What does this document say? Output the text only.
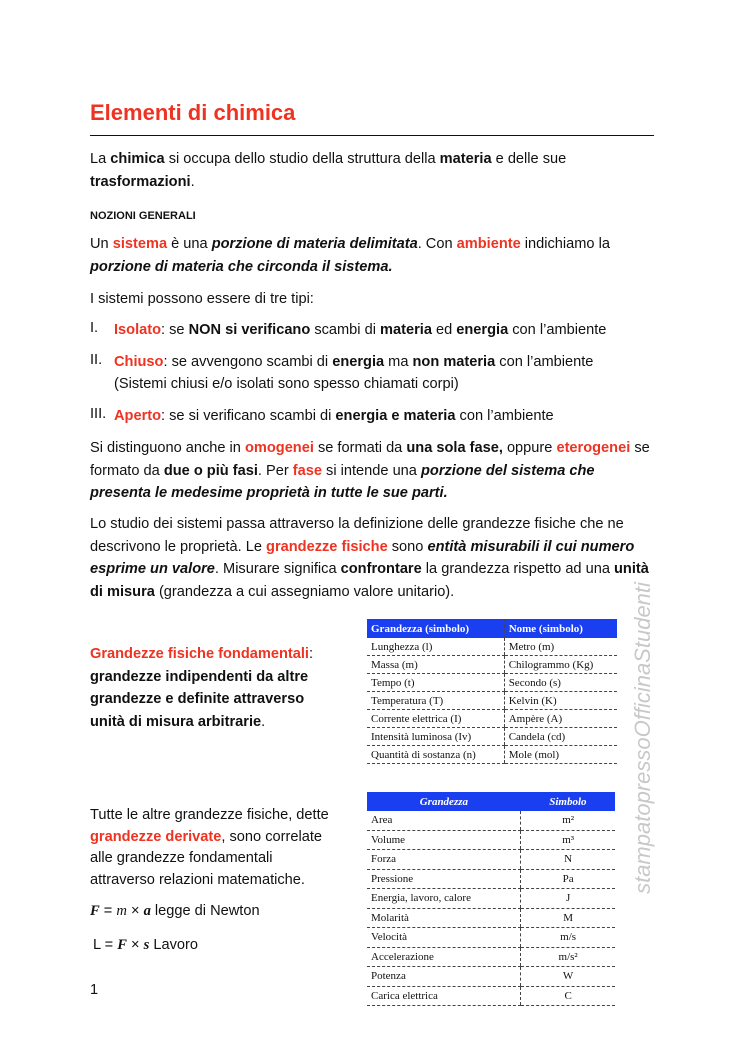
Elementi di chimica
La chimica si occupa dello studio della struttura della materia e delle sue
trasformazioni.
NOZIONI GENERALI
Un sistema è una porzione di materia delimitata. Con ambiente indichiamo la porzione di materia che circonda il sistema.
I sistemi possono essere di tre tipi:
I. Isolato: se NON si verificano scambi di materia ed energia con l’ambiente
II. Chiuso: se avvengono scambi di energia ma non materia con l’ambiente
(Sistemi chiusi e/o isolati sono spesso chiamati corpi)
III. Aperto: se si verificano scambi di energia e materia con l’ambiente
Si distinguono anche in omogenei se formati da una sola fase, oppure eterogenei se formato da due o più fasi. Per fase si intende una porzione del sistema che presenta le medesime proprietà in tutte le sue parti.
Lo studio dei sistemi passa attraverso la definizione delle grandezze fisiche che ne descrivono le proprietà. Le grandezze fisiche sono entità misurabili il cui numero esprime un valore. Misurare significa confrontare la grandezza rispetto ad una unità di misura (grandezza a cui assegniamo valore unitario).
Grandezze fisiche fondamentali: grandezze indipendenti da altre grandezze e definite attraverso unità di misura arbitrarie.
Grandezza (simbolo)	Nome (simbolo)
Lunghezza (l)	Metro (m)
Massa (m)	Chilogrammo (Kg)
Tempo (t)	Secondo (s)
Temperatura (T)	Kelvin (K)
Corrente elettrica (I)	Ampère (A)
Intensità luminosa (Iv)	Candela (cd)
Quantità di sostanza (n)	Mole (mol)
Tutte le altre grandezze fisiche, dette grandezze derivate, sono correlate alle grandezze fondamentali attraverso relazioni matematiche.
F = m × a legge di Newton
L = F × s Lavoro
Grandezza	Simbolo
Area	m²
Volume	m³
Forza	N
Pressione	Pa
Energia, lavoro, calore	J
Molarità	M
Velocità	m/s
Accelerazione	m/s²
Potenza	W
Carica elettrica	C
1
stampatopressoOfficinaStudenti
